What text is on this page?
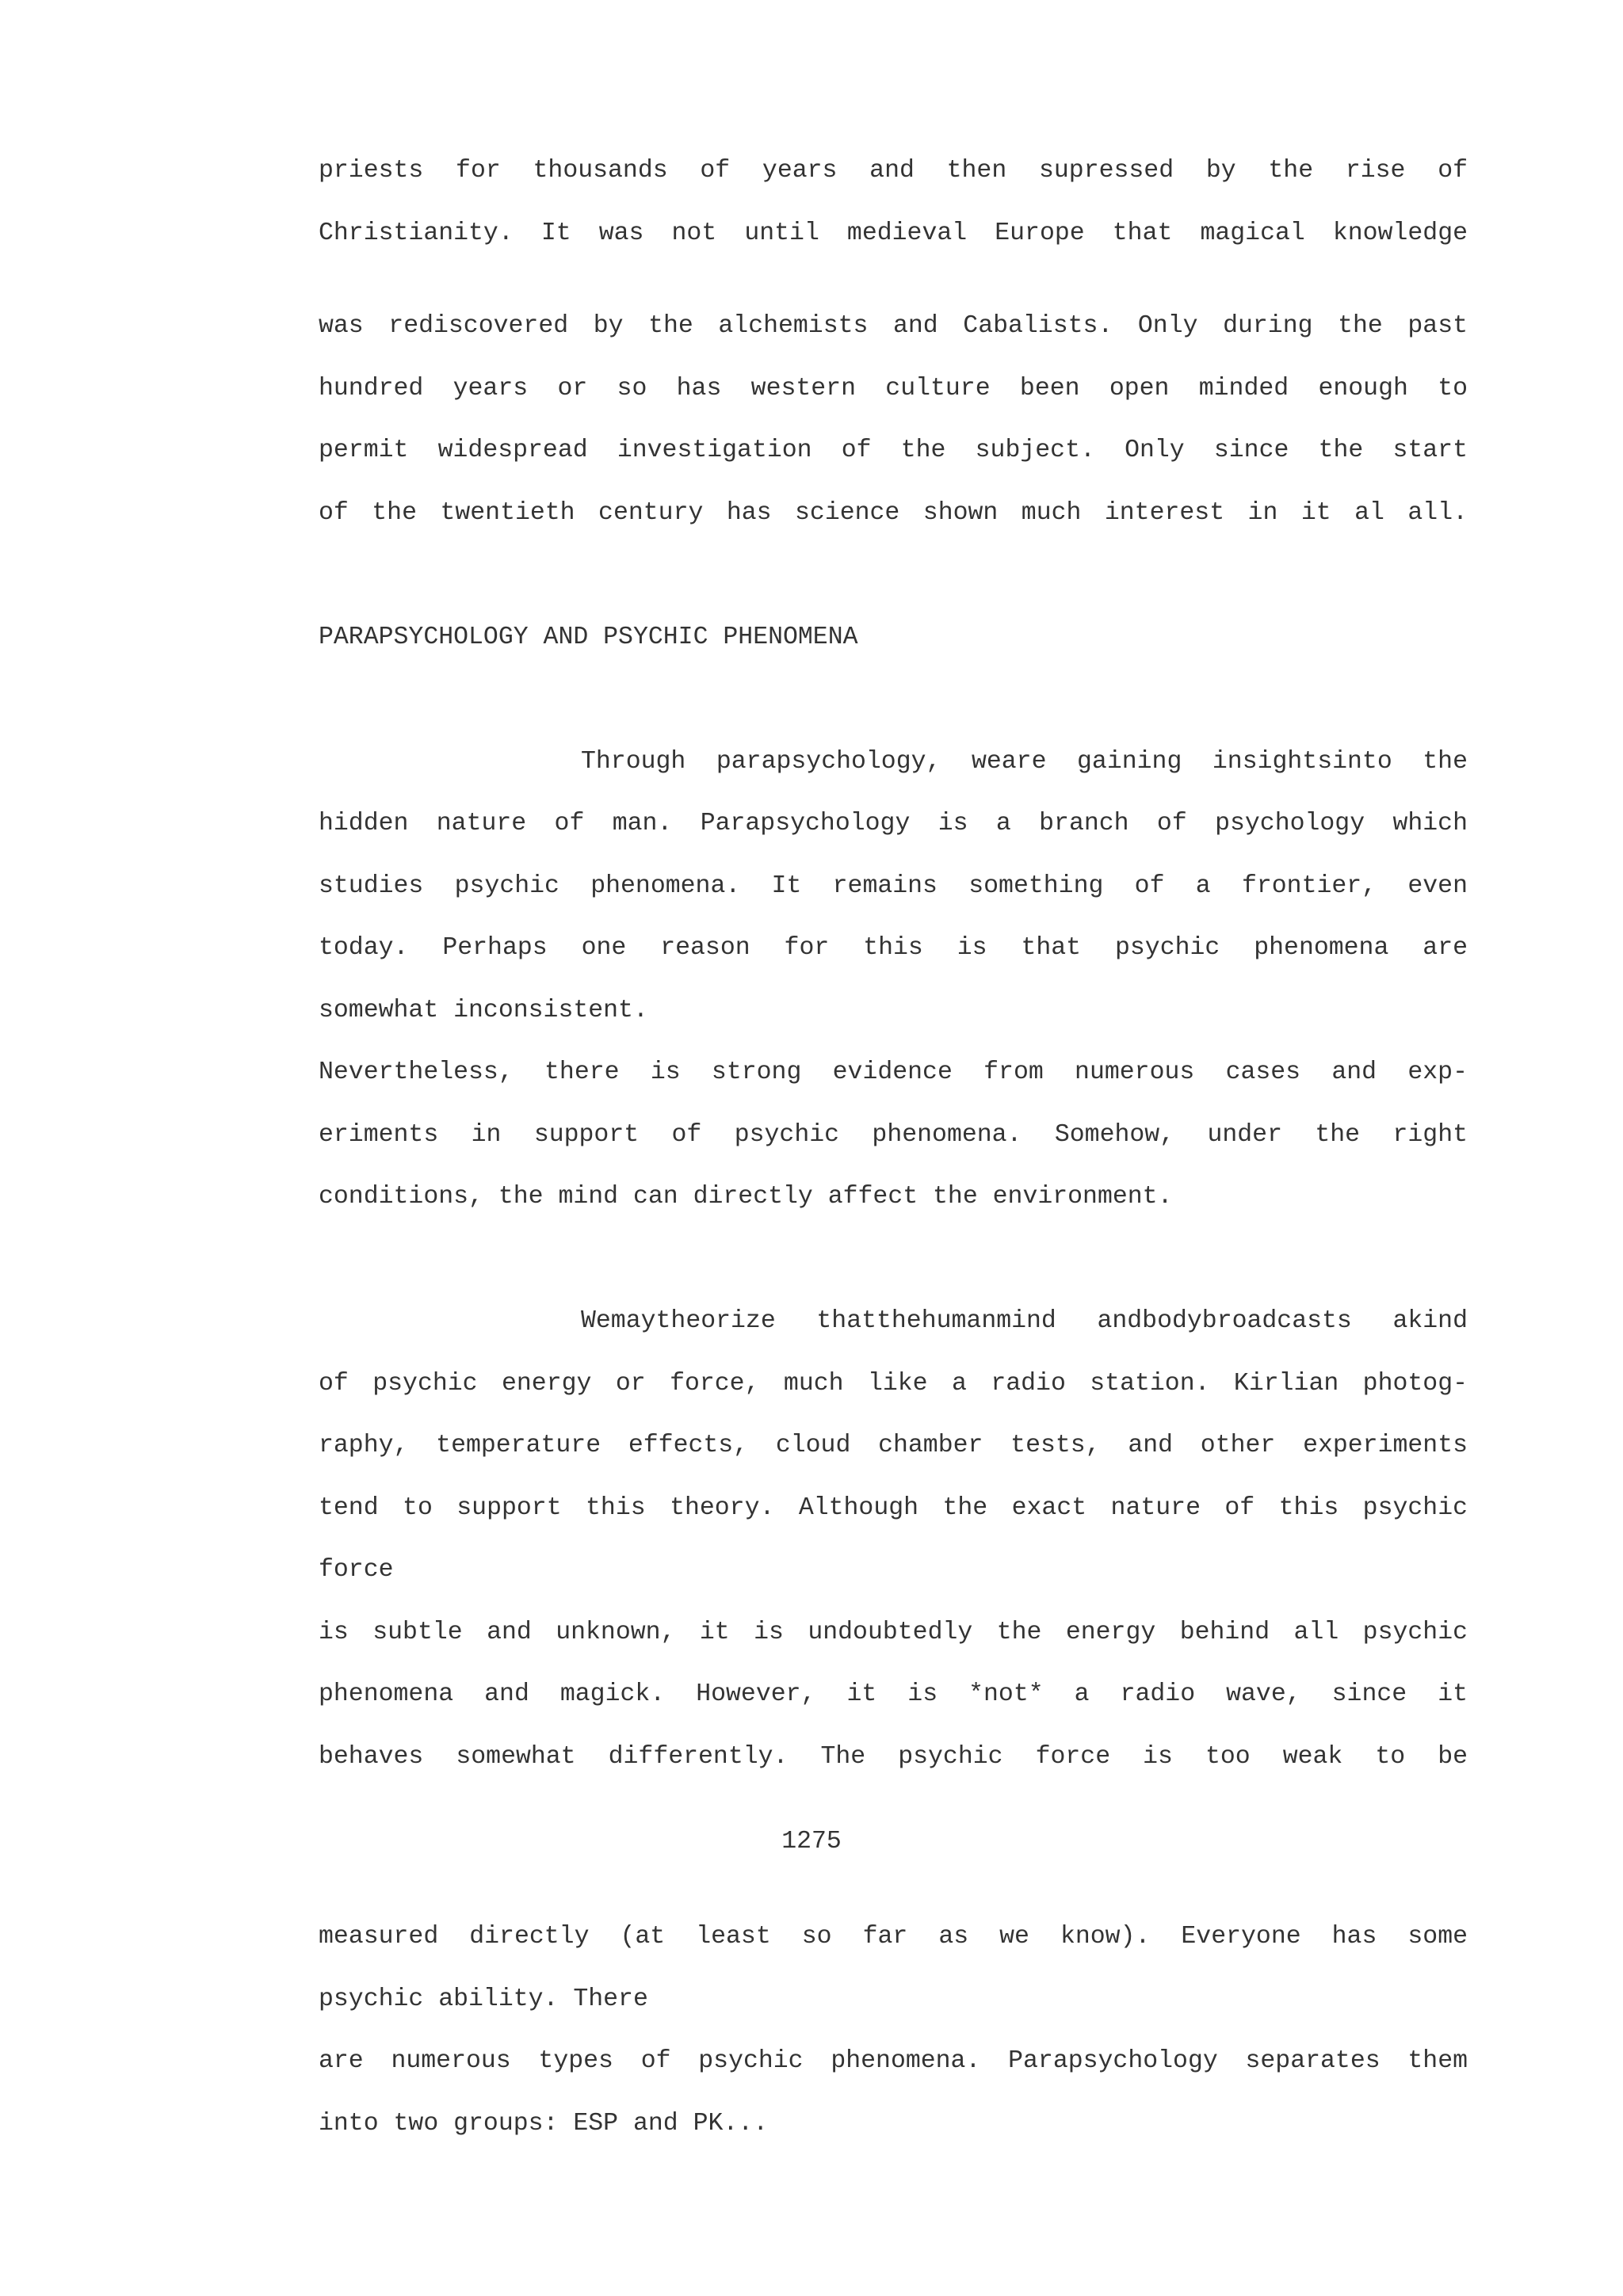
priests for thousands of years and then supressed by the rise of
Christianity. It was not until medieval Europe that magical knowledge
was rediscovered by the alchemists and Cabalists. Only during the past
hundred years or so has western culture been open minded enough to
permit widespread investigation of the subject. Only since the start
of the twentieth century has science shown much interest in it al all.
PARAPSYCHOLOGY AND PSYCHIC PHENOMENA
Through parapsychology, weare gaining insightsinto the
hidden nature of man. Parapsychology is a branch of psychology which
studies psychic phenomena. It remains something of a frontier, even
today. Perhaps one reason for this is that psychic phenomena are
somewhat inconsistent.
Nevertheless, there is strong evidence from numerous cases and exp-
eriments in support of psychic phenomena. Somehow, under the right
conditions, the mind can directly affect the environment.
Wemaytheorize thatthehumanmind andbodybroadcasts akind
of psychic energy or force, much like a radio station. Kirlian photog-
raphy, temperature effects, cloud chamber tests, and other experiments
tend to support this theory. Although the exact nature of this psychic
force
is subtle and unknown, it is undoubtedly the energy behind all psychic
phenomena and magick. However, it is *not* a radio wave, since it
behaves somewhat differently. The psychic force is too weak to be
1275
measured directly (at least so far as we know). Everyone has some
psychic ability. There
are numerous types of psychic phenomena. Parapsychology separates them
into two groups: ESP and PK...
